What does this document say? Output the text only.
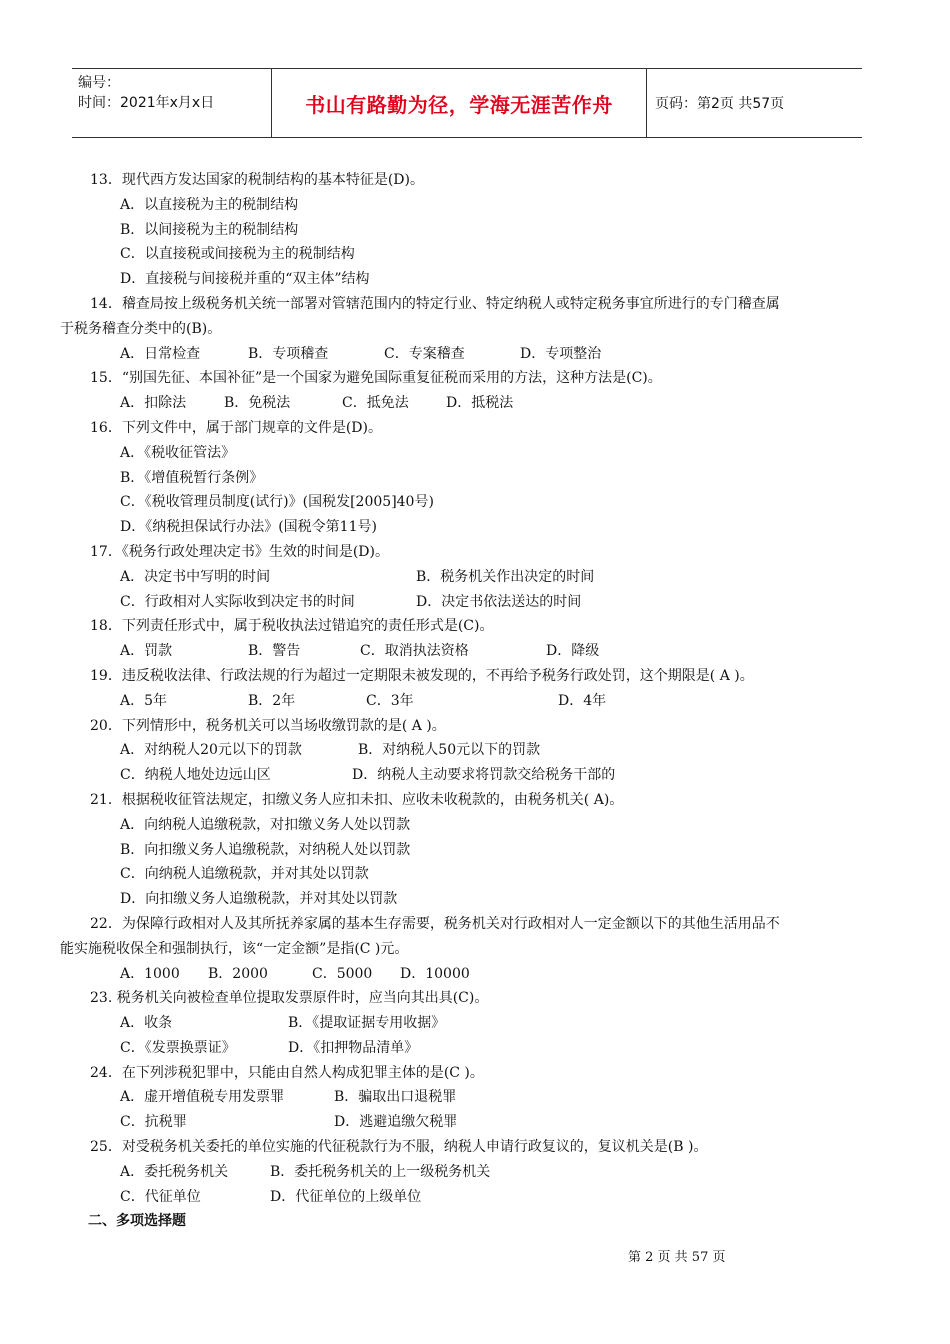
编号：
时间：2021年x月x日	书山有路勤为径，学海无涯苦作舟	页码：第2页 共57页
13．现代西方发达国家的税制结构的基本特征是(D)。
A．以直接税为主的税制结构
B．以间接税为主的税制结构
C．以直接税或间接税为主的税制结构
D．直接税与间接税并重的“双主体”结构
14．稽查局按上级税务机关统一部署对管辖范围内的特定行业、特定纳税人或特定税务事宜所进行的专门稽查属
于税务稽查分类中的(B)。
A．日常检查	B．专项稽查	C．专案稽查	D．专项整治
15．“别国先征、本国补征”是一个国家为避免国际重复征税而采用的方法，这种方法是(C)。
A．扣除法	B．免税法	C．抵免法	D．抵税法
16．下列文件中，属于部门规章的文件是(D)。
A．《税收征管法》
B．《增值税暂行条例》
C．《税收管理员制度(试行)》(国税发[2005]40号)
D．《纳税担保试行办法》(国税令第11号)
17．《税务行政处理决定书》生效的时间是(D)。
A．决定书中写明的时间	B．税务机关作出决定的时间
C．行政相对人实际收到决定书的时间	D．决定书依法送达的时间
18．下列责任形式中，属于税收执法过错追究的责任形式是(C)。
A．罚款	B．警告	C．取消执法资格	D．降级
19．违反税收法律、行政法规的行为超过一定期限未被发现的，不再给予税务行政处罚，这个期限是( A )。
A．5年	B．2年	C．3年	D．4年
20．下列情形中，税务机关可以当场收缴罚款的是( A )。
A．对纳税人20元以下的罚款	B．对纳税人50元以下的罚款
C．纳税人地处边远山区	D．纳税人主动要求将罚款交给税务干部的
21．根据税收征管法规定，扣缴义务人应扣未扣、应收未收税款的，由税务机关( A)。
A．向纳税人追缴税款，对扣缴义务人处以罚款
B．向扣缴义务人追缴税款，对纳税人处以罚款
C．向纳税人追缴税款，并对其处以罚款
D．向扣缴义务人追缴税款，并对其处以罚款
22．为保障行政相对人及其所抚养家属的基本生存需要，税务机关对行政相对人一定金额以下的其他生活用品不
能实施税收保全和强制执行，该“一定金额”是指(C )元。
A．1000 B．2000	C．5000 D．10000
23. 税务机关向被检查单位提取发票原件时，应当向其出具(C)。
A．收条	B．《提取证据专用收据》
C．《发票换票证》	D．《扣押物品清单》
24．在下列涉税犯罪中，只能由自然人构成犯罪主体的是(C )。
A．虚开增值税专用发票罪	B．骗取出口退税罪
C．抗税罪	D．逃避追缴欠税罪
25．对受税务机关委托的单位实施的代征税款行为不服，纳税人申请行政复议的，复议机关是(B )。
A．委托税务机关	B．委托税务机关的上一级税务机关
C．代征单位	D．代征单位的上级单位
二、多项选择题
第 2 页 共 57 页
